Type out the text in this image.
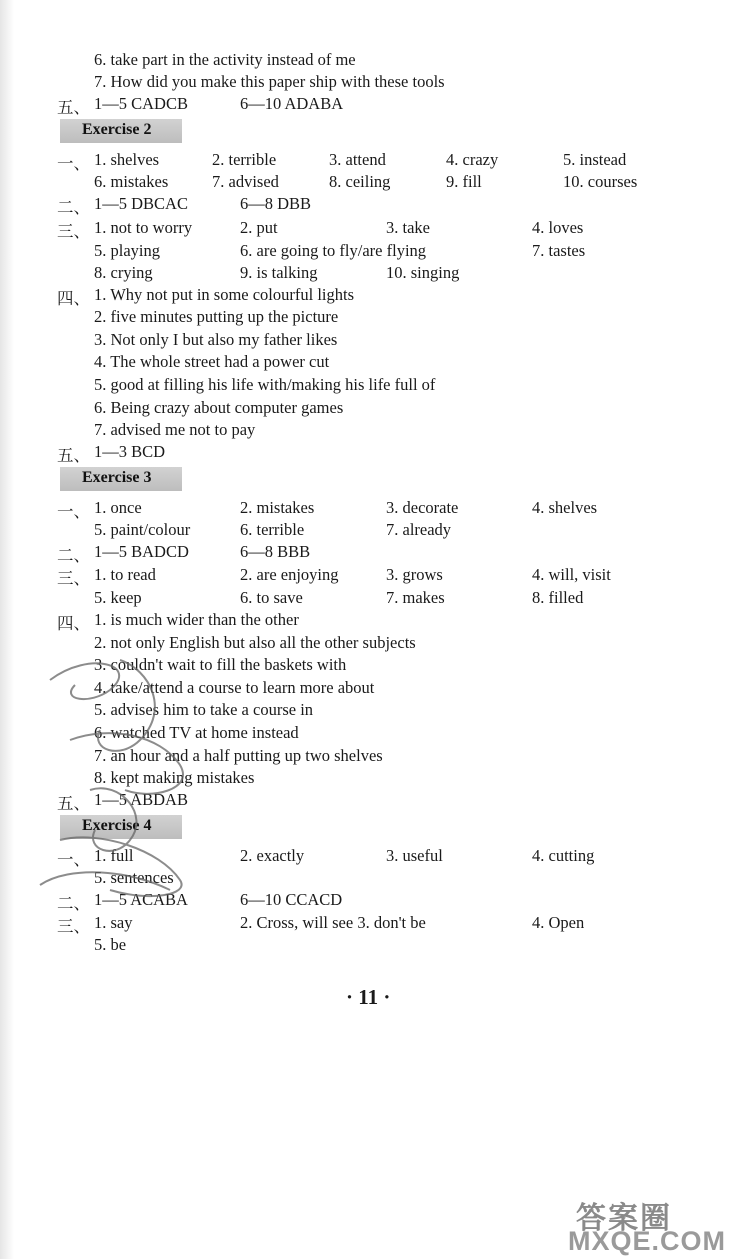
6. take part in the activity instead of me
7. How did you make this paper ship with these tools
五、 1—5 CADCB	6—10 ADABA
Exercise 2
一、 1. shelves	2. terrible	3. attend	4. crazy	5. instead
6. mistakes	7. advised	8. ceiling	9. fill	10. courses
二、 1—5 DBCAC	6—8 DBB
三、 1. not to worry	2. put	3. take	4. loves
5. playing	6. are going to fly/are flying	7. tastes
8. crying	9. is talking	10. singing
四、 1. Why not put in some colourful lights
2. five minutes putting up the picture
3. Not only I but also my father likes
4. The whole street had a power cut
5. good at filling his life with/making his life full of
6. Being crazy about computer games
7. advised me not to pay
五、 1—3 BCD
Exercise 3
一、 1. once	2. mistakes	3. decorate	4. shelves
5. paint/colour	6. terrible	7. already
二、 1—5 BADCD	6—8 BBB
三、 1. to read	2. are enjoying	3. grows	4. will, visit
5. keep	6. to save	7. makes	8. filled
四、 1. is much wider than the other
2. not only English but also all the other subjects
3. couldn't wait to fill the baskets with
4. take/attend a course to learn more about
5. advises him to take a course in
6. watched TV at home instead
7. an hour and a half putting up two shelves
8. kept making mistakes
五、 1—5 ABDAB
Exercise 4
一、 1. full	2. exactly	3. useful	4. cutting
5. sentences
二、 1—5 ACABA	6—10 CCACD
三、 1. say	2. Cross, will see 3. don't be	4. Open
5. be
· 11 ·
答案圈
MXQE.COM
